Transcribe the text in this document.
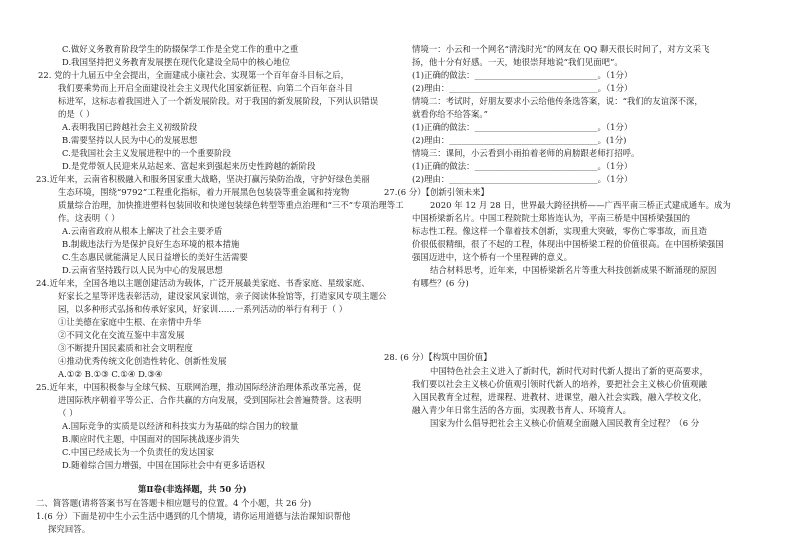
C.做好义务教育阶段学生的防辍保学工作是全党工作的重中之重
D.我国坚持把义务教育发展摆在现代化建设全局中的核心地位
22. 党的十九届五中全会提出，全面建成小康社会、实现第一个百年奋斗目标之后，
我们要乘势而上开启全面建设社会主义现代化国家新征程、向第二个百年奋斗目
标进军，这标志着我国进入了一个新发展阶段。对于我国的新发展阶段，下列认识错误
的是（ ）
A.表明我国已跨越社会主义初级阶段
B.需要坚持以人民为中心的发展思想
C.是我国社会主义发展进程中的一个重要阶段
D.是党带领人民迎来从站起来、富起来到强起来历史性跨越的新阶段
23.近年来，云南省积极融入和服务国家重大战略，坚决打赢污染防治战，守护好绿色美丽
生态环境，围绕“9792”工程重化指标，着力开展黑色包装袋等重金属和持宠物
质量综合治理，加快推进塑料包装回收和快递包装绿色转型等重点治理和“三不”专项治理等工
作。这表明（ ）
A.云南省政府从根本上解决了社会主要矛盾
B.制裁违法行为是保护良好生态环境的根本措施
C.生态惠民就能满足人民日益增长的美好生活需要
D.云南省坚持践行以人民为中心的发展思想
24.近年来，全国各地以主题创建活动为载体，广泛开展最美家庭、书香家庭、星级家庭、
好家长之星等评选表彰活动，建设家风家训馆，亲子阅读体验馆等，打造家风专项主题公
园，以多种形式弘扬和传承好家风，好家训……一系列活动的举行有利于（ ）
①让美德在家庭中生根、在亲情中升华
②不同文化在交流互鉴中丰富发展
③不断提升国民素质和社会文明程度
④推动优秀传统文化创造性转化、创新性发展
A.①② B.①③ C.①④ D.③④
25.近年来，中国积极参与全球气候、互联网治理，推动国际经济治理体系改革完善，促
进国际秩序朝着平等公正、合作共赢的方向发展，受到国际社会普遍赞誉。这表明
（ ）
A.国际竞争的实质是以经济和科技实力为基础的综合国力的较量
B.顺应时代主题，中国面对的国际挑战逐步消失
C.中国已经成长为一个负责任的发达国家
D.随着综合国力增强，中国在国际社会中有更多话语权
第Ⅱ卷(非选择题，共 50 分)
二、简答题(请将答案书写在答题卡相应题号的位置。4 个小题，共 26 分)
1.(6 分）下面是初中生小云生活中遇到的几个情境，请你运用道德与法治课知识帮他
探究回答。
情境一：小云和一个网名“清浅时光”的网友在 QQ 聊天很长时间了，对方文采飞
扬，他十分有好感。一天，她很崇拜地说“我们见面吧”。
(1)正确的做法：_____________________________。（1分）
(2)理由：___________________________________。（1分）
情境二：考试时，好朋友要求小云给他传条选答案，说：“我们的友谊深不深，
就看你给不给答案。”
(1)正确的做法：_____________________________。（1分）
(2)理由：___________________________________。(1分)
情境三：课间，小云看到小雨拍着老师的肩膀跟老师打招呼。
(1)正确的做法：_____________________________。（1分）
(2)理由：___________________________________。（1分）
27.(6 分）【创新引领未来】
2020 年 12 月 28 日，世界最大跨径拱桥——广西平南三桥正式建成通车。成为
中国桥梁新名片。中国工程院院士郑皆连认为，平南三桥是中国桥梁强国的
标志性工程。像这样一个靠着技术创新，实现重大突破，零伤亡零事故，而且造
价很低很精细，很了不起的工程，体现出中国桥梁工程的价值很高。在中国桥梁强国
强国迈进中，这个桥有一个里程碑的意义。
结合材料思考，近年来，中国桥梁新名片等重大科技创新成果不断涌现的原因
有哪些？(6 分)
28. (6 分）【构筑中国价值】
中国特色社会主义进入了新时代，新时代对时代新人提出了新的更高要求，
我们要以社会主义核心价值观引领时代新人的培养，要把社会主义核心价值观融
入国民教育全过程，进课程、进教材、进课堂，融入社会实践，融入学校文化，
融入青少年日常生活的各方面，实现教书育人、环境育人。
国家为什么倡导把社会主义核心价值观全面融入国民教育全过程？（6 分
